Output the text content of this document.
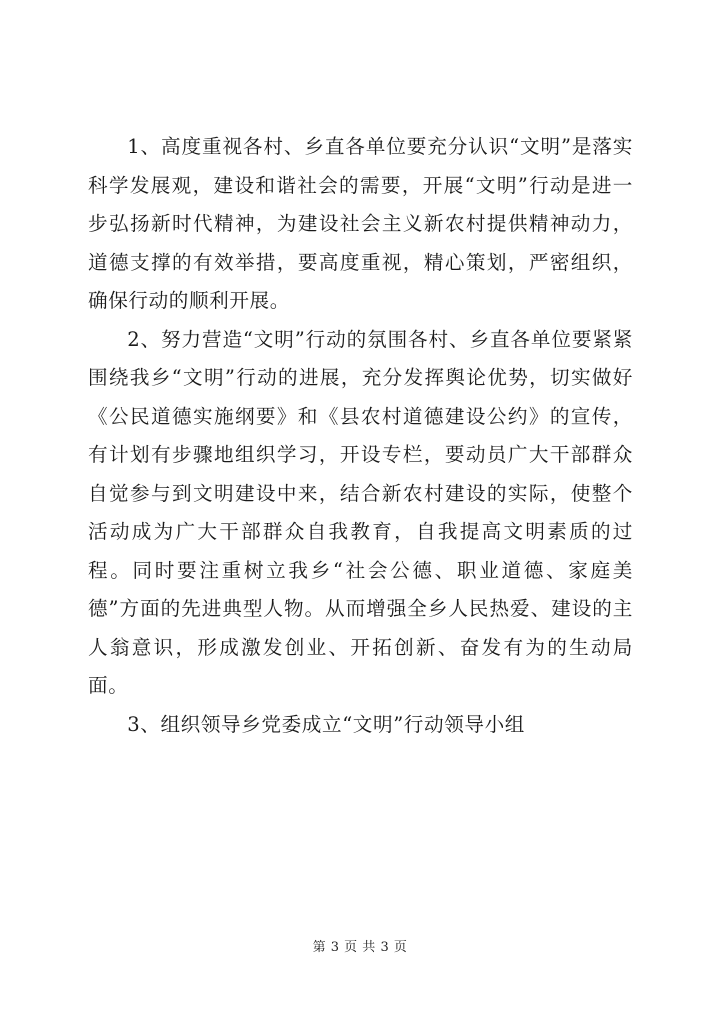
1、高度重视各村、乡直各单位要充分认识“文明”是落实科学发展观，建设和谐社会的需要，开展“文明”行动是进一步弘扬新时代精神，为建设社会主义新农村提供精神动力，道德支撑的有效举措，要高度重视，精心策划，严密组织，确保行动的顺利开展。

2、努力营造“文明”行动的氛围各村、乡直各单位要紧紧围绕我乡“文明”行动的进展，充分发挥舆论优势，切实做好《公民道德实施纲要》和《县农村道德建设公约》的宣传，有计划有步骤地组织学习，开设专栏，要动员广大干部群众自觉参与到文明建设中来，结合新农村建设的实际，使整个活动成为广大干部群众自我教育，自我提高文明素质的过程。同时要注重树立我乡“社会公德、职业道德、家庭美德”方面的先进典型人物。从而增强全乡人民热爱、建设的主人翁意识，形成激发创业、开拓创新、奋发有为的生动局面。

3、组织领导乡党委成立“文明”行动领导小组

第 3 页 共 3 页
